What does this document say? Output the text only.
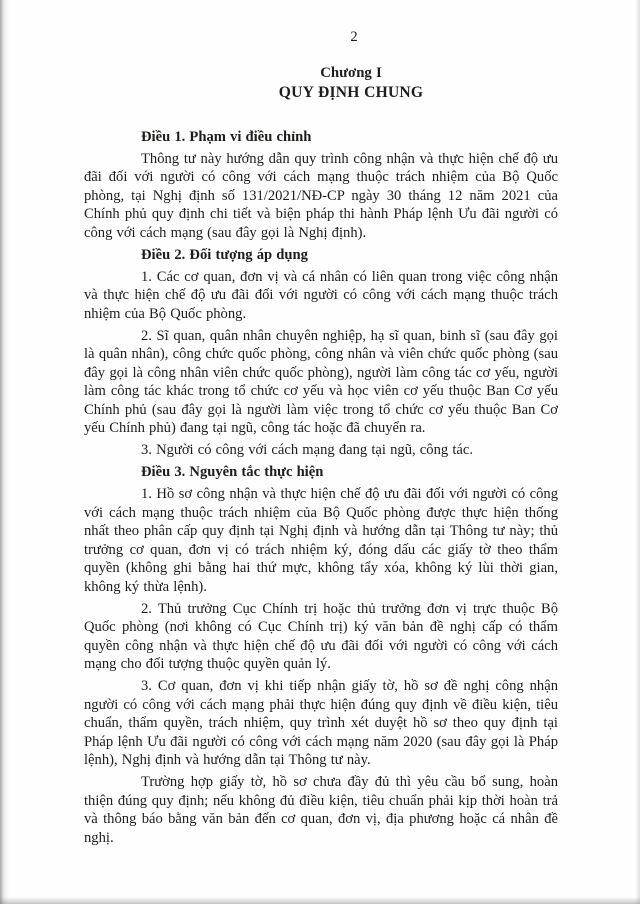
2
Chương I
QUY ĐỊNH CHUNG
Điều 1. Phạm vi điều chỉnh

Thông tư này hướng dẫn quy trình công nhận và thực hiện chế độ ưu đãi đối với người có công với cách mạng thuộc trách nhiệm của Bộ Quốc phòng, tại Nghị định số 131/2021/NĐ-CP ngày 30 tháng 12 năm 2021 của Chính phủ quy định chi tiết và biện pháp thi hành Pháp lệnh Ưu đãi người có công với cách mạng (sau đây gọi là Nghị định).

Điều 2. Đối tượng áp dụng

1. Các cơ quan, đơn vị và cá nhân có liên quan trong việc công nhận và thực hiện chế độ ưu đãi đối với người có công với cách mạng thuộc trách nhiệm của Bộ Quốc phòng.

2. Sĩ quan, quân nhân chuyên nghiệp, hạ sĩ quan, binh sĩ (sau đây gọi là quân nhân), công chức quốc phòng, công nhân và viên chức quốc phòng (sau đây gọi là công nhân viên chức quốc phòng), người làm công tác cơ yếu, người làm công tác khác trong tổ chức cơ yếu và học viên cơ yếu thuộc Ban Cơ yếu Chính phủ (sau đây gọi là người làm việc trong tổ chức cơ yếu thuộc Ban Cơ yếu Chính phủ) đang tại ngũ, công tác hoặc đã chuyển ra.

3. Người có công với cách mạng đang tại ngũ, công tác.

Điều 3. Nguyên tắc thực hiện

1. Hồ sơ công nhận và thực hiện chế độ ưu đãi đối với người có công với cách mạng thuộc trách nhiệm của Bộ Quốc phòng được thực hiện thống nhất theo phân cấp quy định tại Nghị định và hướng dẫn tại Thông tư này; thủ trưởng cơ quan, đơn vị có trách nhiệm ký, đóng dấu các giấy tờ theo thẩm quyền (không ghi bằng hai thứ mực, không tẩy xóa, không ký lùi thời gian, không ký thừa lệnh).

2. Thủ trưởng Cục Chính trị hoặc thủ trưởng đơn vị trực thuộc Bộ Quốc phòng (nơi không có Cục Chính trị) ký văn bản đề nghị cấp có thẩm quyền công nhận và thực hiện chế độ ưu đãi đối với người có công với cách mạng cho đối tượng thuộc quyền quản lý.

3. Cơ quan, đơn vị khi tiếp nhận giấy tờ, hồ sơ đề nghị công nhận người có công với cách mạng phải thực hiện đúng quy định về điều kiện, tiêu chuẩn, thẩm quyền, trách nhiệm, quy trình xét duyệt hồ sơ theo quy định tại Pháp lệnh Ưu đãi người có công với cách mạng năm 2020 (sau đây gọi là Pháp lệnh), Nghị định và hướng dẫn tại Thông tư này.

Trường hợp giấy tờ, hồ sơ chưa đầy đủ thì yêu cầu bổ sung, hoàn thiện đúng quy định; nếu không đủ điều kiện, tiêu chuẩn phải kịp thời hoàn trả và thông báo bằng văn bản đến cơ quan, đơn vị, địa phương hoặc cá nhân đề nghị.
